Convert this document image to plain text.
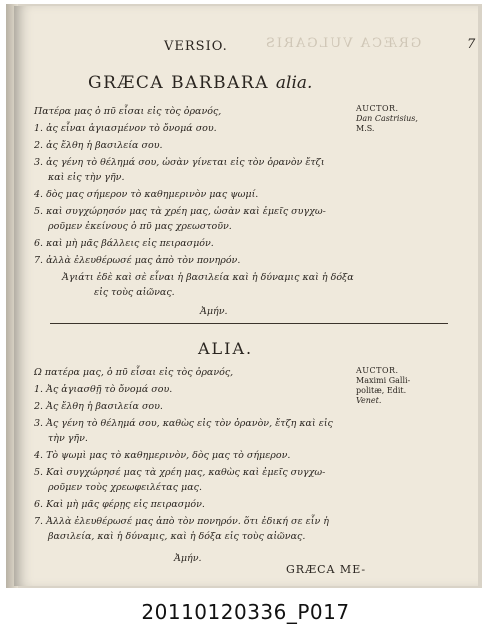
GRÆCA VULGARIS
VERSIO.	7
GRÆCA BARBARA alia.
AUCTOR.
Dan Castrisius,
M.S.
Πατέρα μας ὁ πῦ εἶσαι εἰς τὸς ὀρανός,
1. ἀς εἶναι ἁγιασμένον τὸ ὄνομά σου.
2. ἀς ἔλθη ἡ βασιλεία σου.
3. ἀς γένη τὸ θέλημά σου, ὡσὰν γίνεται εἰς τὸν ὀρανὸν ἔτζι
καὶ εἰς τὴν γῆν.
4. δὸς μας σήμερον τὸ καθημερινὸν μας ψωμί.
5. καὶ συγχώρησόν μας τὰ χρέη μας, ὡσὰν καὶ ἐμεῖς συγχω-
ροῦμεν ἐκείνους ὁ πῦ μας χρεωστοῦν.
6. καὶ μὴ μᾶς βάλλεις εἰς πειρασμόν.
7. ἀλλὰ ἐλευθέρωσέ μας ἀπὸ τὸν πονηρόν.
Ἀγιάτι ἐδὲ καὶ σὲ εἶναι ἡ βασιλεία καὶ ἡ δύναμις καὶ ἡ δόξα
εἰς τοὺς αἰῶνας.
Ἀμήν.
ALIA.
AUCTOR.
Maximi Galli-
politæ, Edit.
Venet.
Ω πατέρα μας, ὁ πῦ εἶσαι εἰς τὸς ὀρανός,
1. Ἀς ἁγιασθῇ τὸ ὄνομά σου.
2. Ἀς ἔλθη ἡ βασιλεία σου.
3. Ἀς γένη τὸ θέλημά σου, καθὼς εἰς τὸν ὀρανὸν, ἔτζη καὶ εἰς
τὴν γῆν.
4. Τὸ ψωμὶ μας τὸ καθημερινὸν, δὸς μας τὸ σήμερον.
5. Καὶ συγχώρησέ μας τὰ χρέη μας, καθὼς καὶ ἐμεῖς συγχω-
ροῦμεν τοὺς χρεωφειλέτας μας.
6. Καὶ μὴ μᾶς φέρῃς εἰς πειρασμόν.
7. Ἀλλὰ ἐλευθέρωσέ μας ἀπὸ τὸν πονηρόν. ὅτι ἐδική σε εἶν ἡ
βασιλεία, καὶ ἡ δύναμις, καὶ ἡ δόξα εἰς τοὺς αἰῶνας.
Ἀμήν.
GRÆCA ME-
20110120336_P017
